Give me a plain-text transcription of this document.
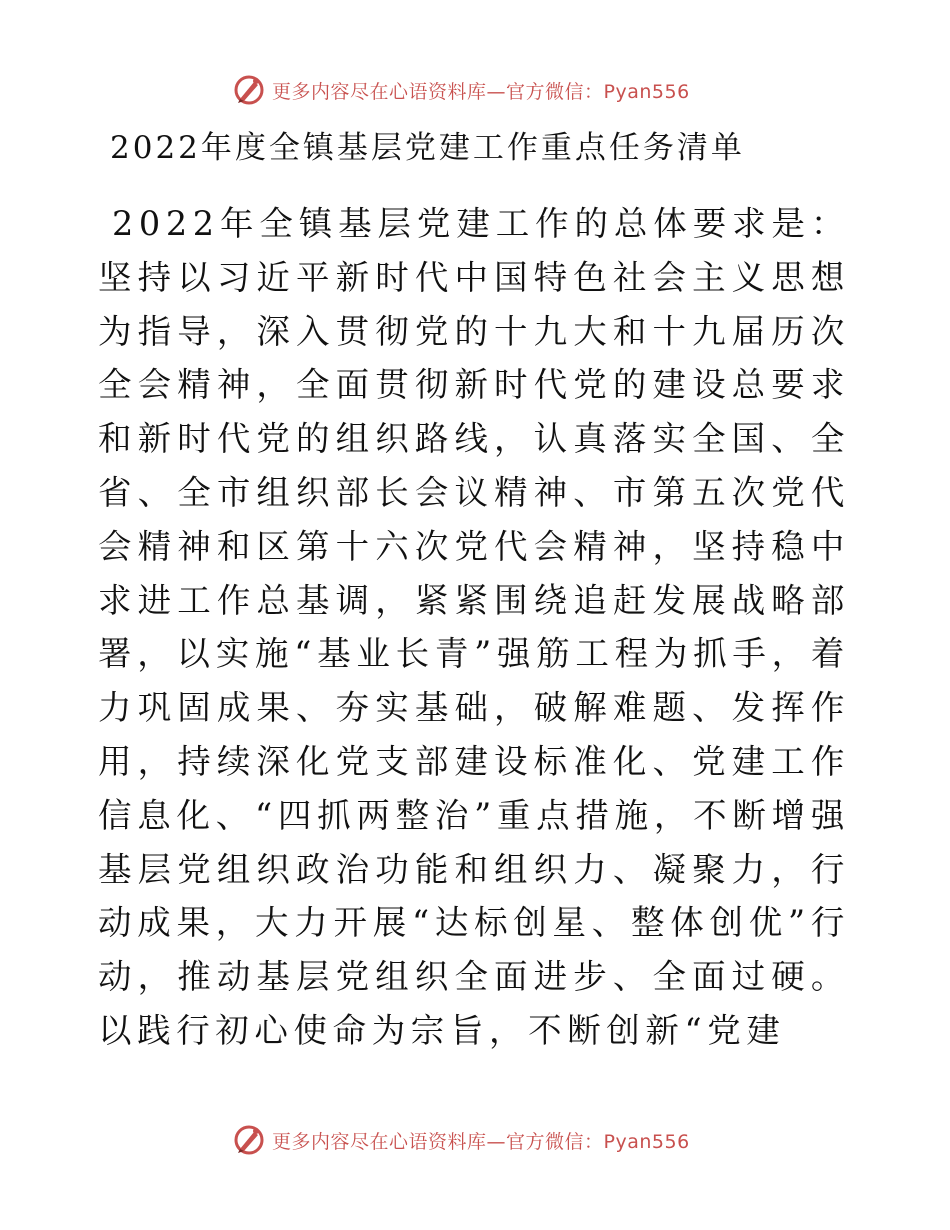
更多内容尽在心语资料库—官方微信：Pyan556
2022年度全镇基层党建工作重点任务清单

2022年全镇基层党建工作的总体要求是：坚持以习近平新时代中国特色社会主义思想为指导，深入贯彻党的十九大和十九届历次全会精神，全面贯彻新时代党的建设总要求和新时代党的组织路线，认真落实全国、全省、全市组织部长会议精神、市第五次党代会精神和区第十六次党代会精神，坚持稳中求进工作总基调，紧紧围绕追赶发展战略部署，以实施“基业长青”强筋工程为抓手，着力巩固成果、夯实基础，破解难题、发挥作用，持续深化党支部建设标准化、党建工作信息化、“四抓两整治”重点措施，不断增强基层党组织政治功能和组织力、凝聚力，行动成果，大力开展“达标创星、整体创优”行动，推动基层党组织全面进步、全面过硬。以践行初心使命为宗旨，不断创新“党建

更多内容尽在心语资料库—官方微信：Pyan556
